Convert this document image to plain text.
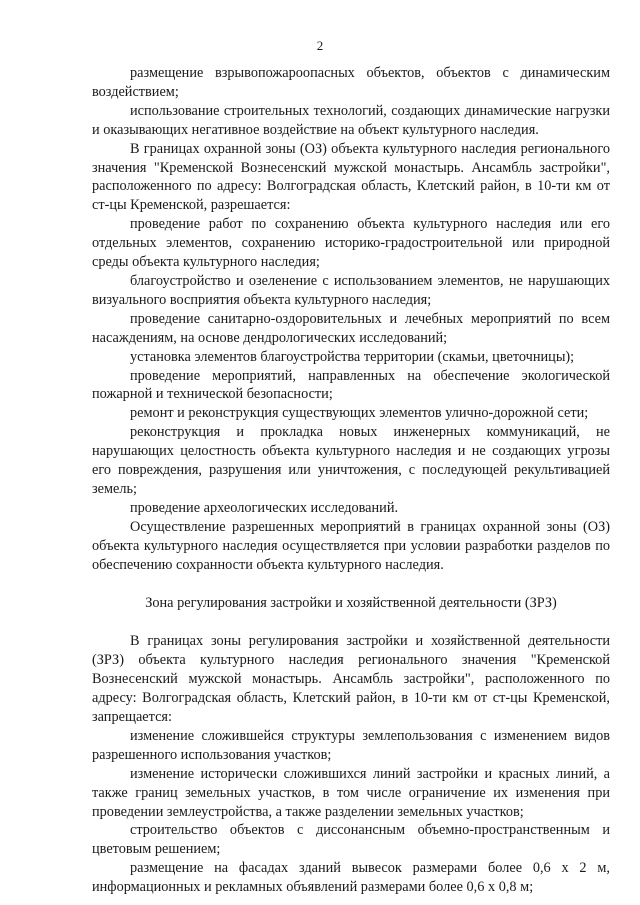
2

размещение взрывопожароопасных объектов, объектов с динамическим воздействием;

использование строительных технологий, создающих динамические нагрузки и оказывающих негативное воздействие на объект культурного наследия.

В границах охранной зоны (ОЗ) объекта культурного наследия регионального значения "Кременской Вознесенский мужской монастырь. Ансамбль застройки", расположенного по адресу: Волгоградская область, Клетский район, в 10-ти км от ст-цы Кременской, разрешается:

проведение работ по сохранению объекта культурного наследия или его отдельных элементов, сохранению историко-градостроительной или природной среды объекта культурного наследия;

благоустройство и озеленение с использованием элементов, не нарушающих визуального восприятия объекта культурного наследия;

проведение санитарно-оздоровительных и лечебных мероприятий по всем насаждениям, на основе дендрологических исследований;

установка элементов благоустройства территории (скамьи, цветочницы);

проведение мероприятий, направленных на обеспечение экологической пожарной и технической безопасности;

ремонт и реконструкция существующих элементов улично-дорожной сети;

реконструкция и прокладка новых инженерных коммуникаций, не нарушающих целостность объекта культурного наследия и не создающих угрозы его повреждения, разрушения или уничтожения, с последующей рекультивацией земель;

проведение археологических исследований.

Осуществление разрешенных мероприятий в границах охранной зоны (ОЗ) объекта культурного наследия осуществляется при условии разработки разделов по обеспечению сохранности объекта культурного наследия.

Зона регулирования застройки и хозяйственной деятельности (ЗРЗ)

В границах зоны регулирования застройки и хозяйственной деятельности (ЗРЗ) объекта культурного наследия регионального значения "Кременской Вознесенский мужской монастырь. Ансамбль застройки", расположенного по адресу: Волгоградская область, Клетский район, в 10-ти км от ст-цы Кременской, запрещается:

изменение сложившейся структуры землепользования с изменением видов разрешенного использования участков;

изменение исторически сложившихся линий застройки и красных линий, а также границ земельных участков, в том числе ограничение их изменения при проведении землеустройства, а также разделении земельных участков;

строительство объектов с диссонансным объемно-пространственным и цветовым решением;

размещение на фасадах зданий вывесок размерами более 0,6 х 2 м, информационных и рекламных объявлений размерами более 0,6 х 0,8 м;
